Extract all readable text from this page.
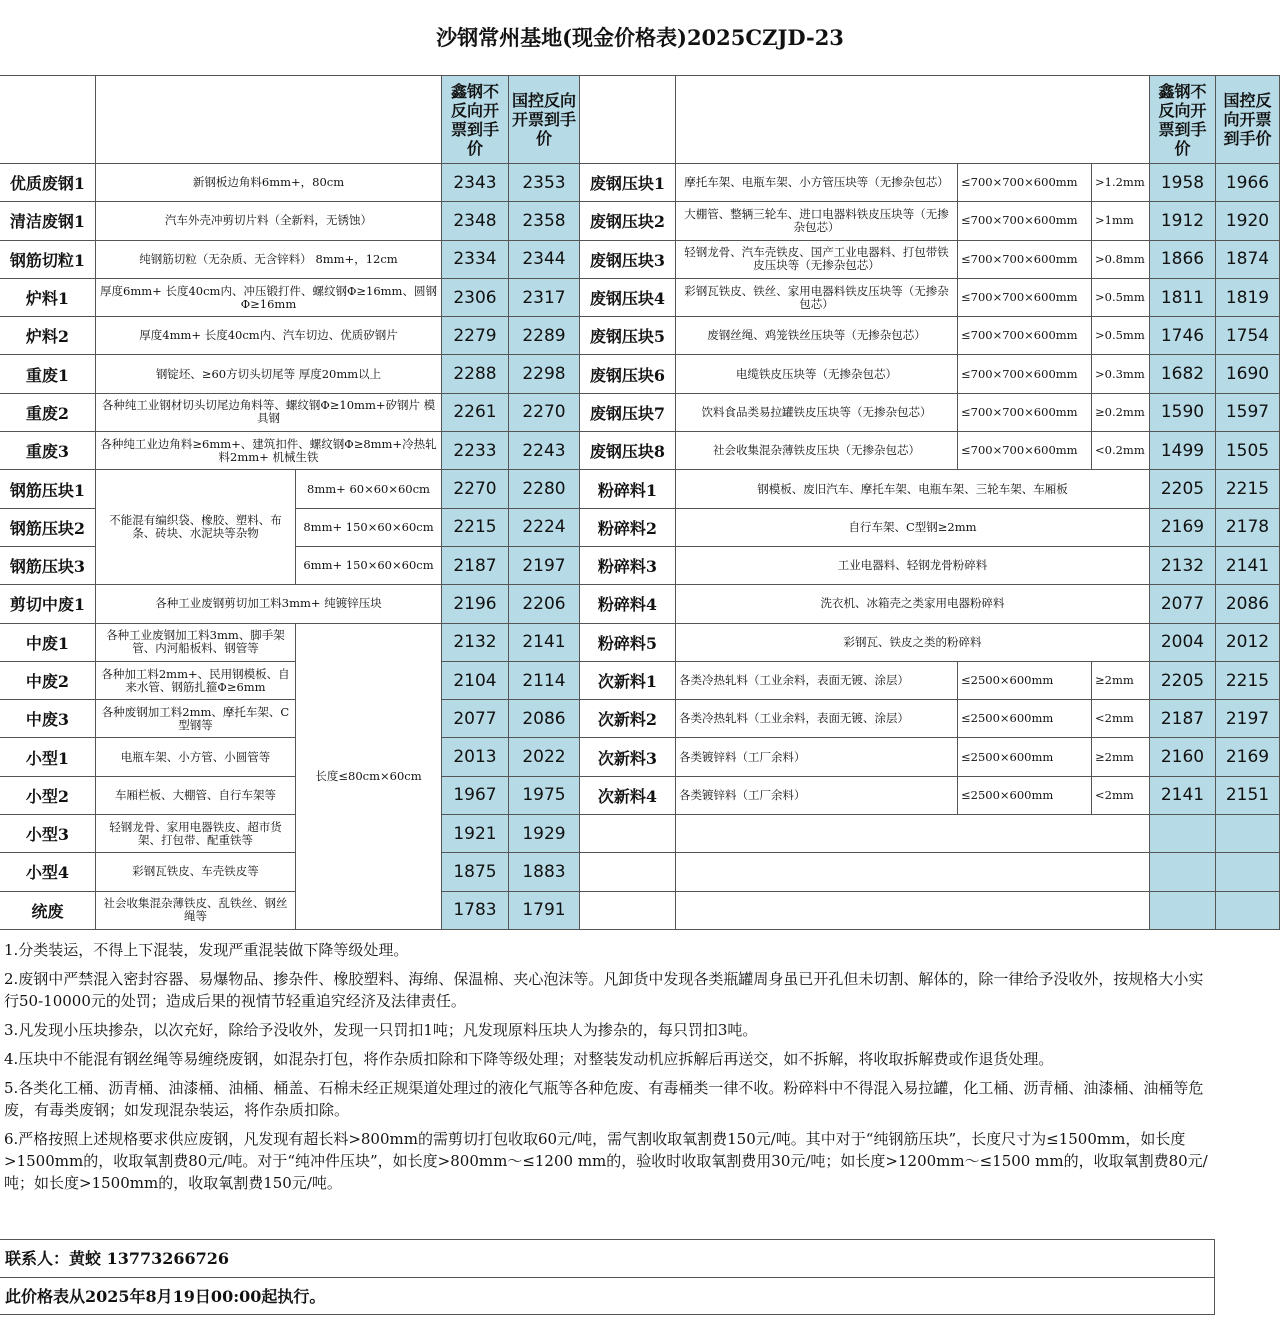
沙钢常州基地(现金价格表)2025CZJD-23
鑫钢不反向开票到手价
国控反向开票到手价
鑫钢不反向开票到手价
国控反向开票到手价
优质废钢1	新钢板边角料6mm+，80cm	2343	2353
清洁废钢1	汽车外壳冲剪切片料（全新料，无锈蚀）	2348	2358
钢筋切粒1	纯钢筋切粒（无杂质、无含锌料） 8mm+，12cm	2334	2344
炉料1	厚度6mm+ 长度40cm内、冲压锻打件、螺纹钢Φ≥16mm、圆钢Φ≥16mm	2306	2317
炉料2	厚度4mm+ 长度40cm内、汽车切边、优质矽钢片	2279	2289
重废1	钢锭坯、≥60方切头切尾等 厚度20mm以上	2288	2298
重废2	各种纯工业钢材切头切尾边角料等、螺纹钢Φ≥10mm+矽钢片 模具钢	2261	2270
重废3	各种纯工业边角料≥6mm+、建筑扣件、螺纹钢Φ≥8mm+冷热轧料2mm+ 机械生铁	2233	2243
不能混有编织袋、橡胶、塑料、布条、砖块、水泥块等杂物
钢筋压块1	8mm+ 60×60×60cm	2270	2280
钢筋压块2	8mm+ 150×60×60cm	2215	2224
钢筋压块3	6mm+ 150×60×60cm	2187	2197
剪切中废1	各种工业废钢剪切加工料3mm+ 纯镀锌压块	2196	2206
长度≤80cm×60cm
中废1	各种工业废钢加工料3mm、脚手架管、内河船板料、钢管等	2132	2141
中废2	各种加工料2mm+、民用钢模板、自来水管、钢筋扎箍Φ≥6mm	2104	2114
中废3	各种废钢加工料2mm、摩托车架、C型钢等	2077	2086
小型1	电瓶车架、小方管、小圆管等	2013	2022
小型2	车厢栏板、大棚管、自行车架等	1967	1975
小型3	轻钢龙骨、家用电器铁皮、超市货架、打包带、配重铁等	1921	1929
小型4	彩钢瓦铁皮、车壳铁皮等	1875	1883
统废	社会收集混杂薄铁皮、乱铁丝、钢丝绳等	1783	1791
废钢压块1	摩托车架、电瓶车架、小方管压块等（无掺杂包芯）	≤700×700×600mm	>1.2mm 1958	1966
废钢压块2	大棚管、整辆三轮车、进口电器料铁皮压块等（无掺杂包芯）	≤700×700×600mm	>1mm	1912	1920
废钢压块3	轻钢龙骨、汽车壳铁皮、国产工业电器料、打包带铁皮压块等（无掺杂包芯）	≤700×700×600mm	>0.8mm 1866	1874
废钢压块4	彩钢瓦铁皮、铁丝、家用电器料铁皮压块等（无掺杂包芯）	≤700×700×600mm	>0.5mm 1811	1819
废钢压块5	废钢丝绳、鸡笼铁丝压块等（无掺杂包芯）	≤700×700×600mm	>0.5mm 1746	1754
废钢压块6	电缆铁皮压块等（无掺杂包芯）	≤700×700×600mm	>0.3mm 1682	1690
废钢压块7	饮料食品类易拉罐铁皮压块等（无掺杂包芯）	≤700×700×600mm	≥0.2mm 1590	1597
废钢压块8	社会收集混杂薄铁皮压块（无掺杂包芯）	≤700×700×600mm	<0.2mm 1499	1505
粉碎料1	钢模板、废旧汽车、摩托车架、电瓶车架、三轮车架、车厢板	2205	2215
粉碎料2	自行车架、C型钢≥2mm	2169	2178
粉碎料3	工业电器料、轻钢龙骨粉碎料	2132	2141
粉碎料4	洗衣机、冰箱壳之类家用电器粉碎料	2077	2086
粉碎料5	彩钢瓦、铁皮之类的粉碎料	2004	2012
次新料1	各类冷热轧料（工业余料，表面无镀、涂层）	≤2500×600mm	≥2mm	2205	2215
次新料2	各类冷热轧料（工业余料，表面无镀、涂层）	≤2500×600mm	<2mm	2187	2197
次新料3	各类镀锌料（工厂余料）	≤2500×600mm	≥2mm	2160	2169
次新料4	各类镀锌料（工厂余料）	≤2500×600mm	<2mm	2141	2151
1.分类装运，不得上下混装，发现严重混装做下降等级处理。
2.废钢中严禁混入密封容器、易爆物品、掺杂件、橡胶塑料、海绵、保温棉、夹心泡沫等。凡卸货中发现各类瓶罐周身虽已开孔但未切割、解体的，除一律给予没收外，按规格大小实行50-10000元的处罚；造成后果的视情节轻重追究经济及法律责任。
3.凡发现小压块掺杂，以次充好，除给予没收外，发现一只罚扣1吨；凡发现原料压块人为掺杂的，每只罚扣3吨。
4.压块中不能混有钢丝绳等易缠绕废钢，如混杂打包，将作杂质扣除和下降等级处理；对整装发动机应拆解后再送交，如不拆解，将收取拆解费或作退货处理。
5.各类化工桶、沥青桶、油漆桶、油桶、桶盖、石棉未经正规渠道处理过的液化气瓶等各种危废、有毒桶类一律不收。粉碎料中不得混入易拉罐，化工桶、沥青桶、油漆桶、油桶等危废，有毒类废钢；如发现混杂装运，将作杂质扣除。
6.严格按照上述规格要求供应废钢，凡发现有超长料>800mm的需剪切打包收取60元/吨，需气割收取氧割费150元/吨。其中对于“纯钢筋压块”，长度尺寸为≤1500mm，如长度>1500mm的，收取氧割费80元/吨。对于“纯冲件压块”，如长度>800mm～≤1200 mm的，验收时收取氧割费用30元/吨；如长度>1200mm～≤1500 mm的，收取氧割费80元/吨；如长度>1500mm的，收取氧割费150元/吨。
联系人：黄蛟 13773266726
此价格表从2025年8月19日00:00起执行。
